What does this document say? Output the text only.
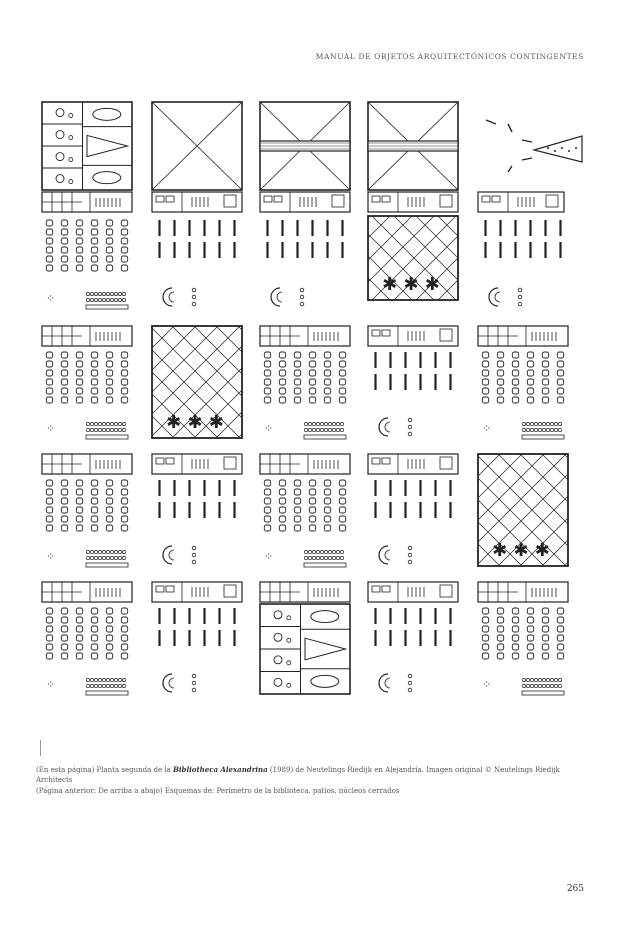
MANUAL DE OBJETOS ARQUITECTÓNICOS CONTINGENTES
⁘
✱ ✱ ✱
⁘	✱ ✱ ✱	⁘	⁘
⁘	⁘	✱ ✱ ✱
⁘	⁘
(En esta página) Planta segunda de la Bibliotheca Alexandrina (1989) de Neutelings Riedijk en Alejandría. Imagen original © Neutelings Riedijk Architects
(Página anterior: De arriba a abajo) Esquemas de: Perímetro de la biblioteca, patios, núcleos cerrados
265
